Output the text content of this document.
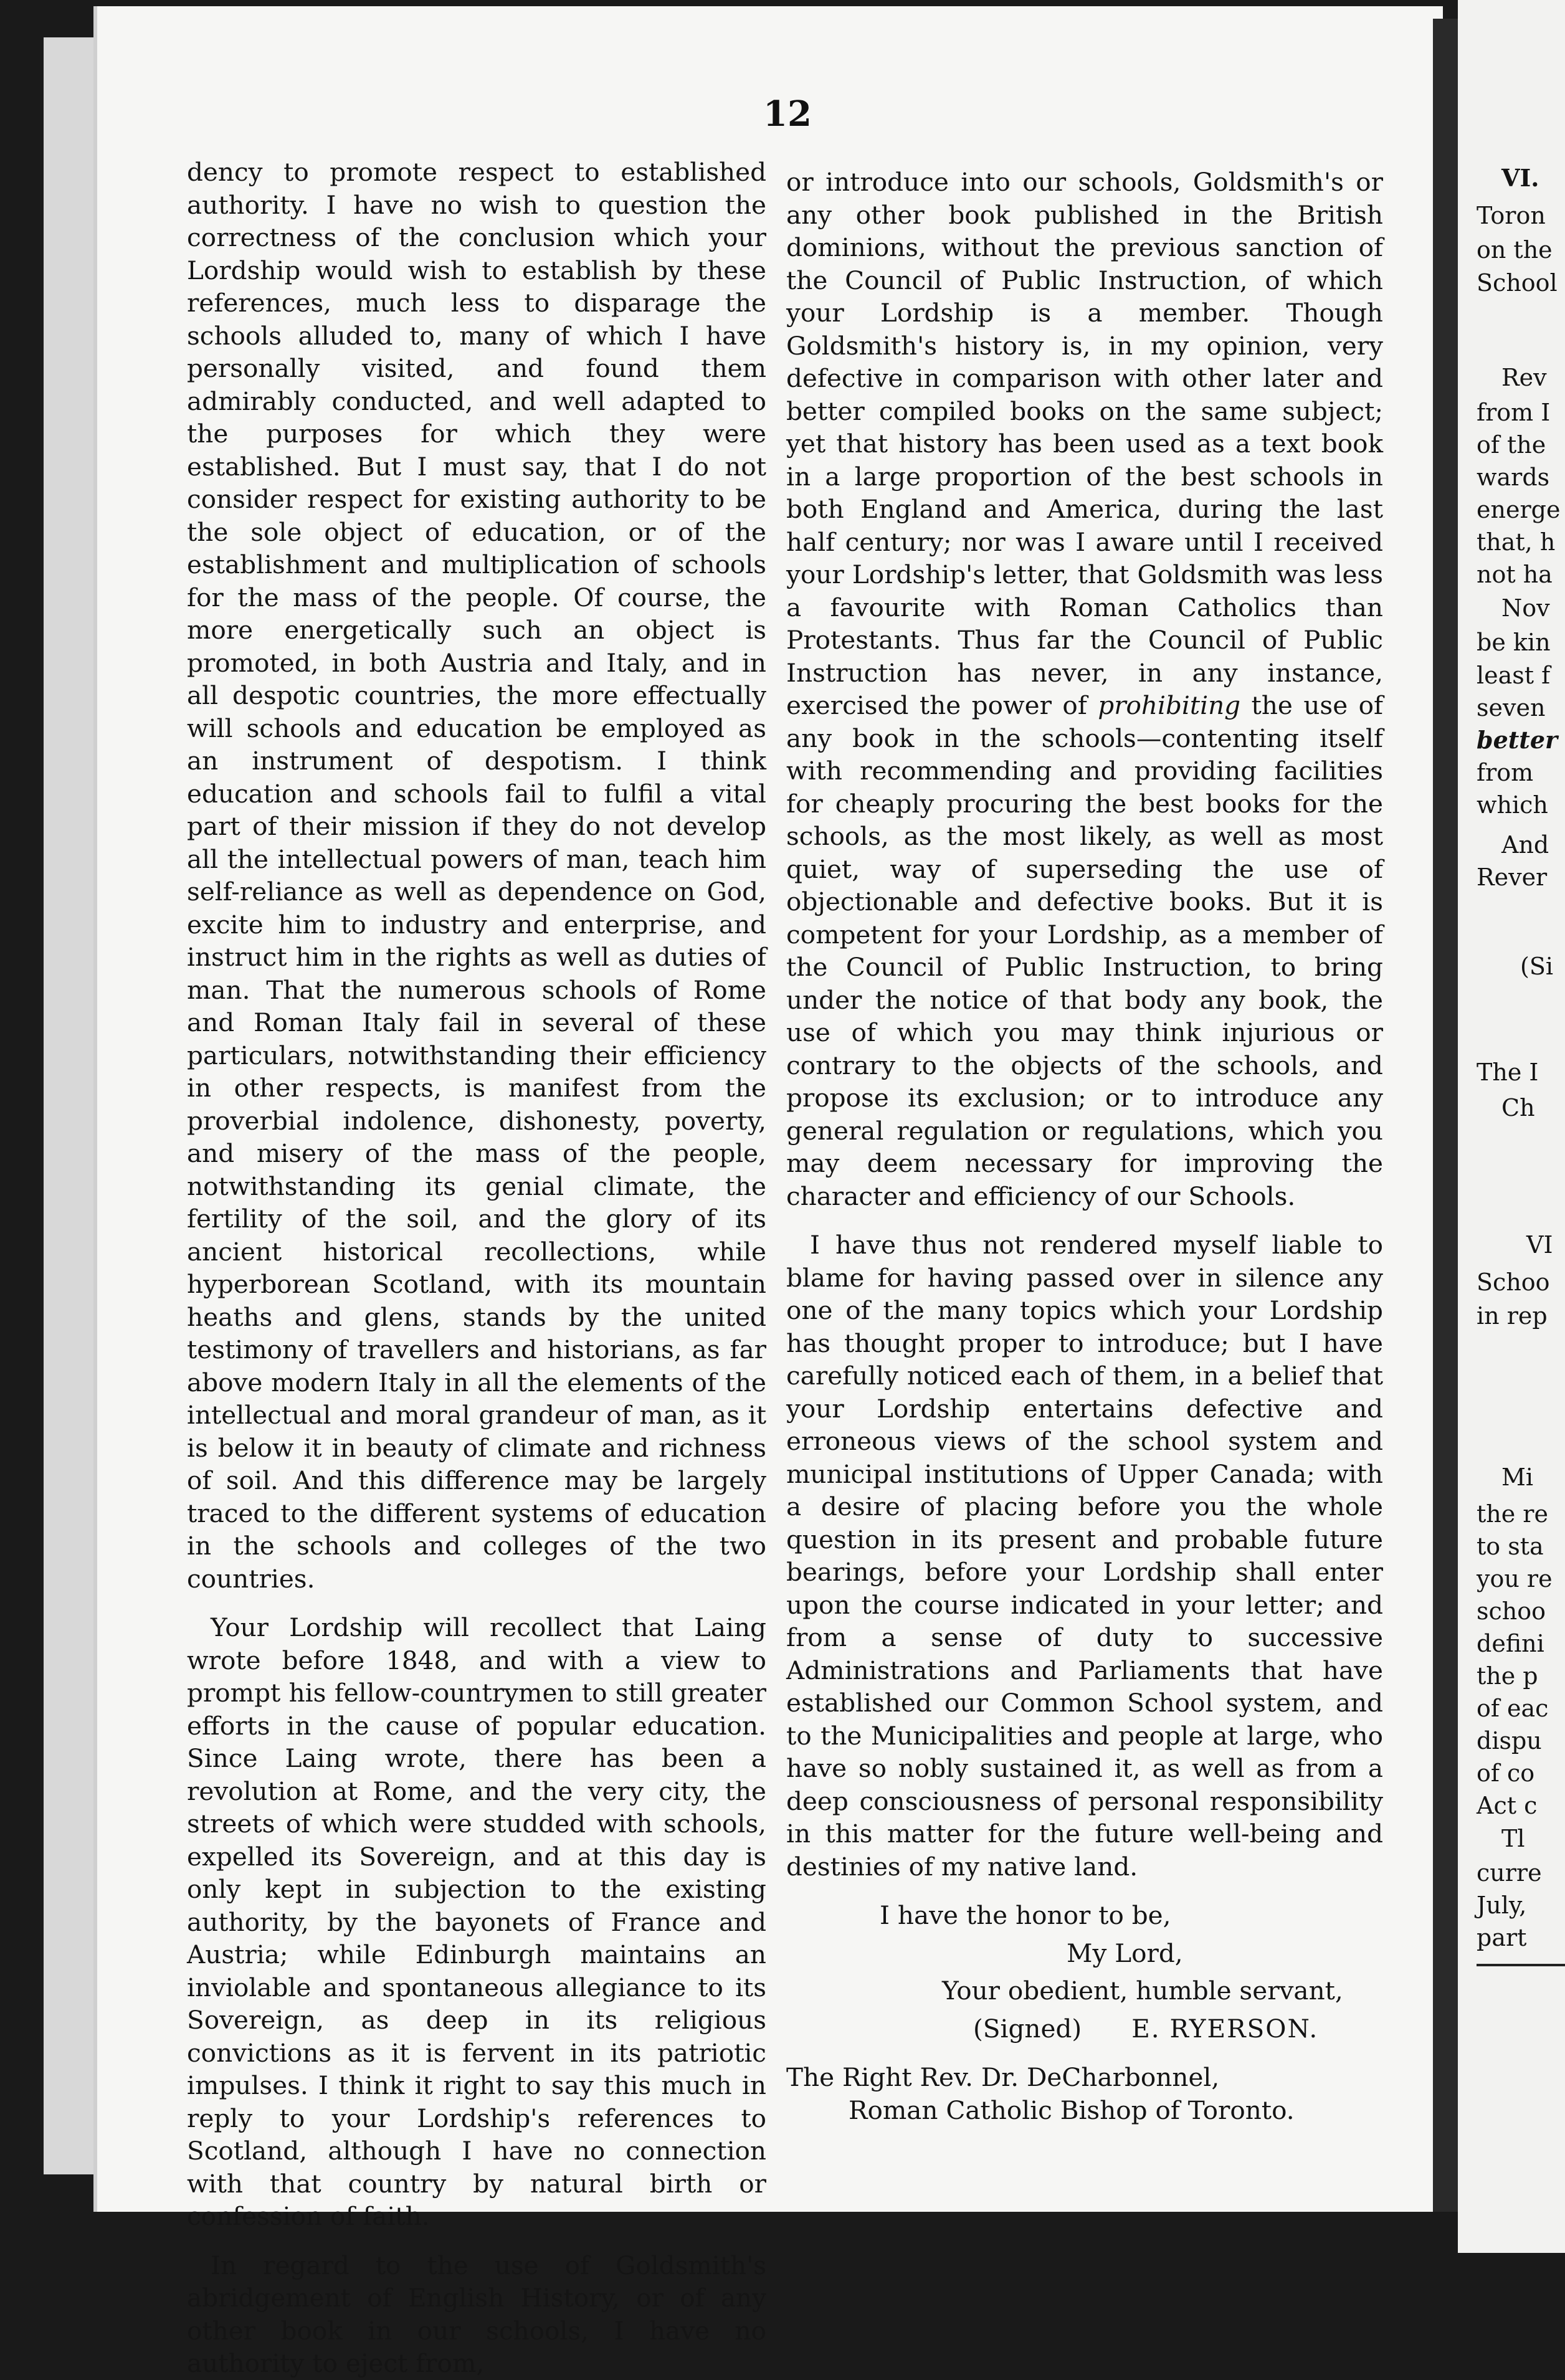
12

dency to promote respect to established authority. I have no wish to question the correctness of the conclusion which your Lordship would wish to establish by these references, much less to disparage the schools alluded to, many of which I have personally visited, and found them admirably conducted, and well adapted to the purposes for which they were established. But I must say, that I do not consider respect for existing authority to be the sole object of education, or of the establishment and multiplication of schools for the mass of the people. Of course, the more energetically such an object is promoted, in both Austria and Italy, and in all despotic countries, the more effectually will schools and education be employed as an instrument of despotism. I think education and schools fail to fulfil a vital part of their mission if they do not develop all the intellectual powers of man, teach him self-reliance as well as dependence on God, excite him to industry and enterprise, and instruct him in the rights as well as duties of man. That the numerous schools of Rome and Roman Italy fail in several of these particulars, notwithstanding their efficiency in other respects, is manifest from the proverbial indolence, dishonesty, poverty, and misery of the mass of the people, notwithstanding its genial climate, the fertility of the soil, and the glory of its ancient historical recollections, while hyperborean Scotland, with its mountain heaths and glens, stands by the united testimony of travellers and historians, as far above modern Italy in all the elements of the intellectual and moral grandeur of man, as it is below it in beauty of climate and richness of soil. And this difference may be largely traced to the different systems of education in the schools and colleges of the two countries.

Your Lordship will recollect that Laing wrote before 1848, and with a view to prompt his fellow-countrymen to still greater efforts in the cause of popular education. Since Laing wrote, there has been a revolution at Rome, and the very city, the streets of which were studded with schools, expelled its Sovereign, and at this day is only kept in subjection to the existing authority, by the bayonets of France and Austria; while Edinburgh maintains an inviolable and spontaneous allegiance to its Sovereign, as deep in its religious convictions as it is fervent in its patriotic impulses. I think it right to say this much in reply to your Lordship's references to Scotland, although I have no connection with that country by natural birth or confession of faith.

In regard to the use of Goldsmith's abridgement of English History, or of any other book in our schools, I have no authority to eject from,

or introduce into our schools, Goldsmith's or any other book published in the British dominions, without the previous sanction of the Council of Public Instruction, of which your Lordship is a member. Though Goldsmith's history is, in my opinion, very defective in comparison with other later and better compiled books on the same subject; yet that history has been used as a text book in a large proportion of the best schools in both England and America, during the last half century; nor was I aware until I received your Lordship's letter, that Goldsmith was less a favourite with Roman Catholics than Protestants. Thus far the Council of Public Instruction has never, in any instance, exercised the power of prohibiting the use of any book in the schools—contenting itself with recommending and providing facilities for cheaply procuring the best books for the schools, as the most likely, as well as most quiet, way of superseding the use of objectionable and defective books. But it is competent for your Lordship, as a member of the Council of Public Instruction, to bring under the notice of that body any book, the use of which you may think injurious or contrary to the objects of the schools, and propose its exclusion; or to introduce any general regulation or regulations, which you may deem necessary for improving the character and efficiency of our Schools.

I have thus not rendered myself liable to blame for having passed over in silence any one of the many topics which your Lordship has thought proper to introduce; but I have carefully noticed each of them, in a belief that your Lordship entertains defective and erroneous views of the school system and municipal institutions of Upper Canada; with a desire of placing before you the whole question in its present and probable future bearings, before your Lordship shall enter upon the course indicated in your letter; and from a sense of duty to successive Administrations and Parliaments that have established our Common School system, and to the Municipalities and people at large, who have so nobly sustained it, as well as from a deep consciousness of personal responsibility in this matter for the future well-being and destinies of my native land.

I have the honor to be,
My Lord,
Your obedient, humble servant,
(Signed) E. RYERSON.
The Right Rev. Dr. DeCharbonnel,
Roman Catholic Bishop of Toronto.
VI.
Toron
on the
School
Rev
from I
of the
wards
energe
that, h
not ha
Nov
be kin
least f
seven
better
from
which
And
Rever
(Si
The I
Ch
VI
Schoo
in rep
Mi
the re
to sta
you re
schoo
defini
the p
of eac
dispu
of co
Act c
Tl
curre
July,
part
